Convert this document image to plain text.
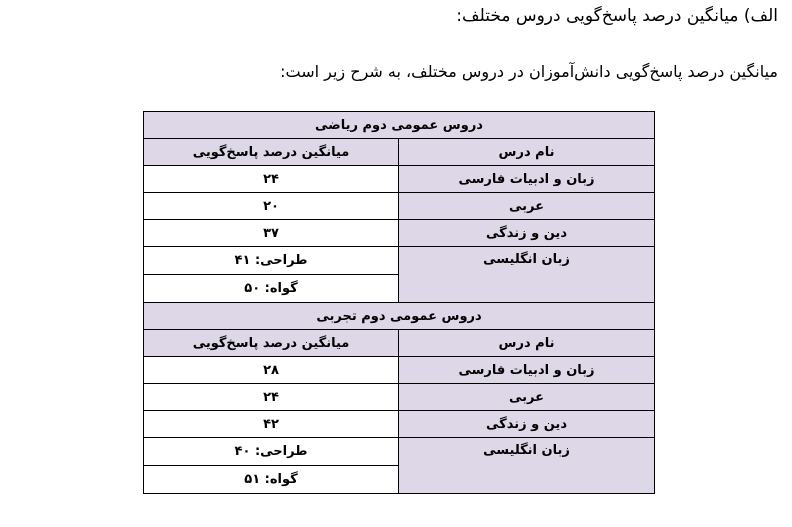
الف) میانگین درصد پاسخ‌گویی دروس مختلف:
میانگین درصد پاسخ‌گویی دانش‌آموزان در دروس مختلف، به شرح زیر است:
دروس عمومی دوم ریاضی	
نام درس	میانگین درصد پاسخ‌گویی
زبان و ادبیات فارسی	۲۴
عربی	۲۰
دین و زندگی	۳۷
زبان انگلیسی	طراحی: ۴۱
	گواه: ۵۰
دروس عمومی دوم تجربی	
نام درس	میانگین درصد پاسخ‌گویی
زبان و ادبیات فارسی	۲۸
عربی	۲۴
دین و زندگی	۴۲
زبان انگلیسی	طراحی: ۴۰
	گواه: ۵۱
